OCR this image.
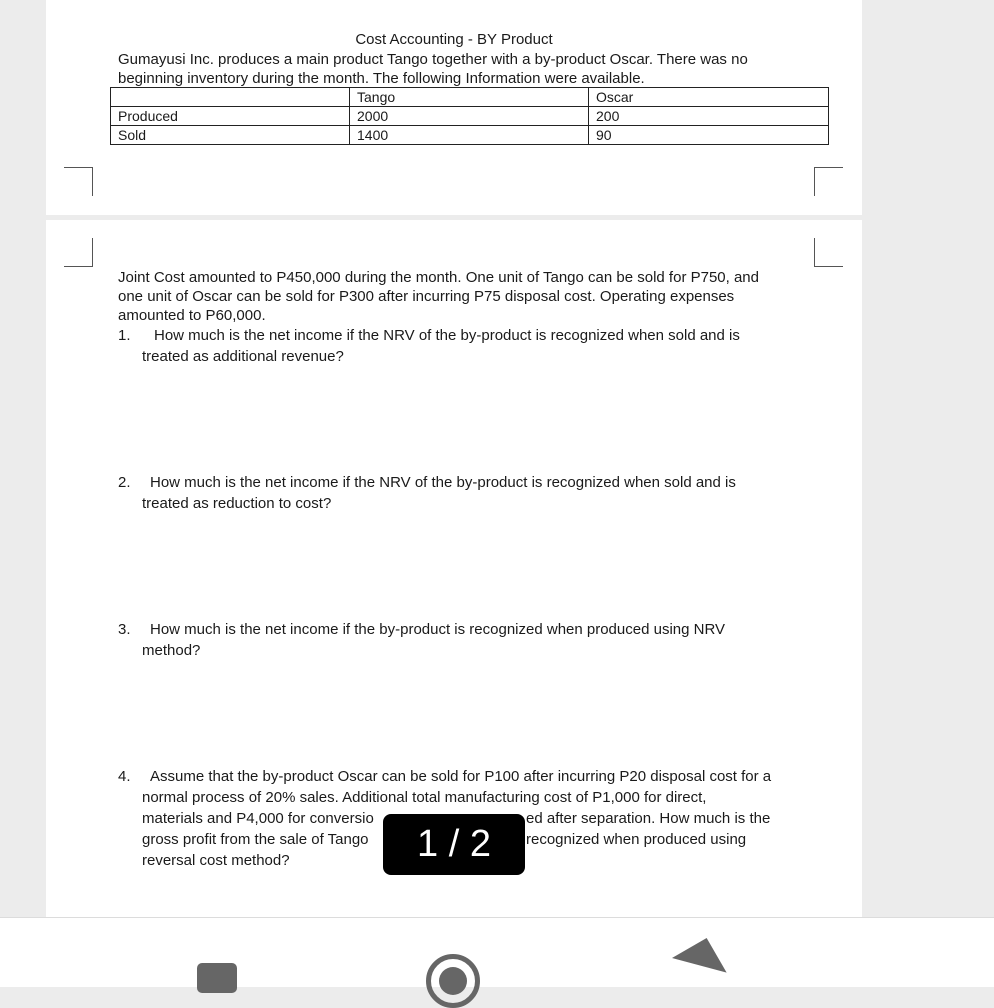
Cost Accounting - BY Product
Gumayusi Inc. produces a main product Tango together with a by-product Oscar. There was no
beginning inventory during the month. The following Information were available.
	Tango	Oscar
Produced	2000	200
Sold	1400	90
Joint Cost amounted to P450,000 during the month. One unit of Tango can be sold for P750, and
one unit of Oscar can be sold for P300 after incurring P75 disposal cost. Operating expenses
amounted to P60,000.
1. How much is the net income if the NRV of the by-product is recognized when sold and is
treated as additional revenue?
2. How much is the net income if the NRV of the by-product is recognized when sold and is
treated as reduction to cost?
3. How much is the net income if the by-product is recognized when produced using NRV
method?
4. Assume that the by-product Oscar can be sold for P100 after incurring P20 disposal cost for a
normal process of 20% sales. Additional total manufacturing cost of P1,000 for direct,
materials and P4,000 for conversio	ed after separation. How much is the
gross profit from the sale of Tango	recognized when produced using
reversal cost method?	1 / 2
